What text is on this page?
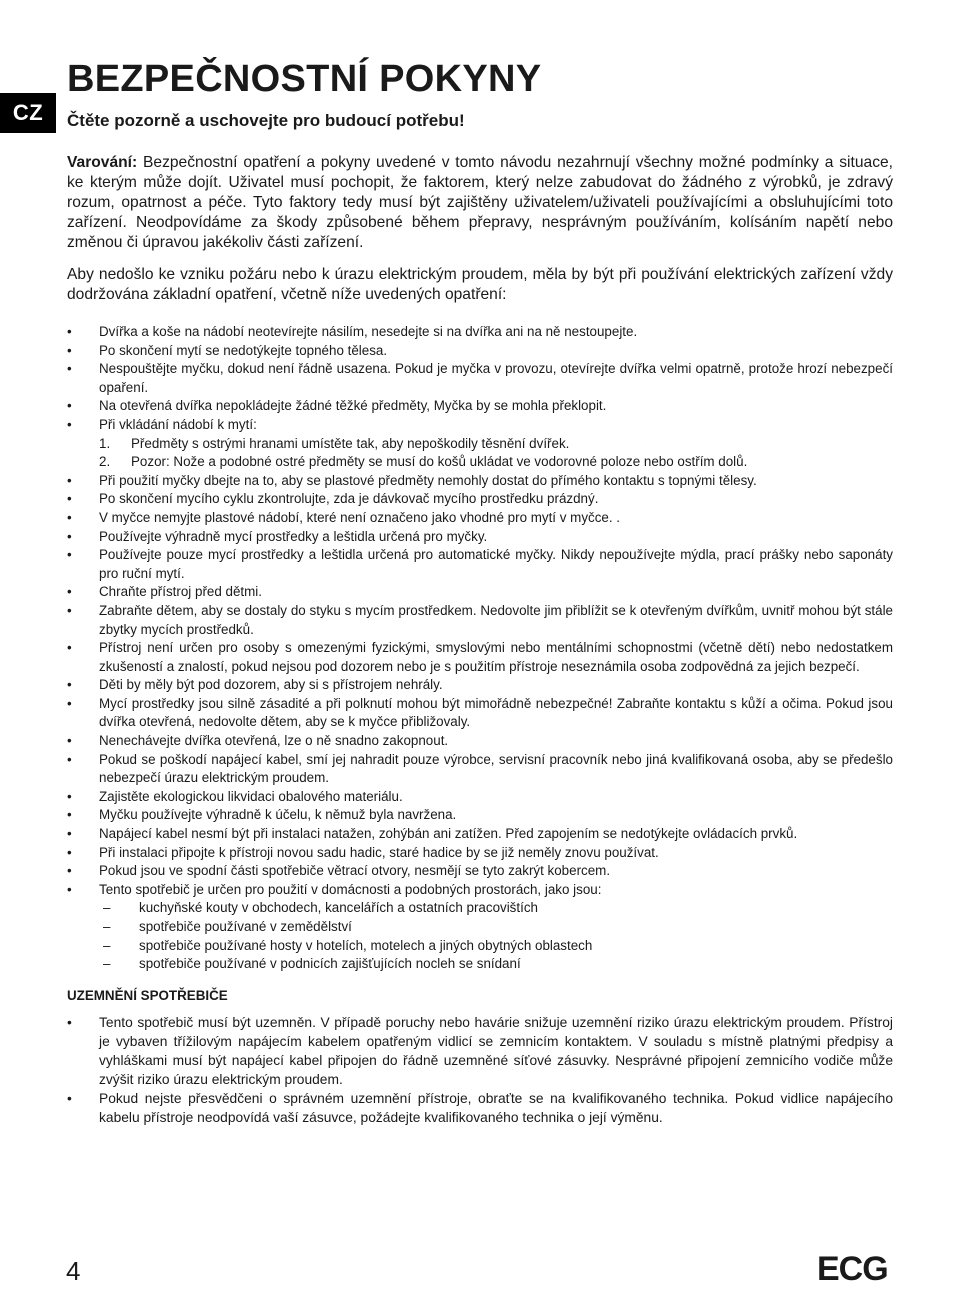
CZ
BEZPEČNOSTNÍ POKYNY

Čtěte pozorně a uschovejte pro budoucí potřebu!

Varování: Bezpečnostní opatření a pokyny uvedené v tomto návodu nezahrnují všechny možné podmínky a situace, ke kterým může dojít. Uživatel musí pochopit, že faktorem, který nelze zabudovat do žádného z výrobků, je zdravý rozum, opatrnost a péče. Tyto faktory tedy musí být zajištěny uživatelem/uživateli používajícími a obsluhujícími toto zařízení. Neodpovídáme za škody způsobené během přepravy, nesprávným používáním, kolísáním napětí nebo změnou či úpravou jakékoliv části zařízení.

Aby nedošlo ke vzniku požáru nebo k úrazu elektrickým proudem, měla by být při používání elektrických zařízení vždy dodržována základní opatření, včetně níže uvedených opatření:

• Dvířka a koše na nádobí neotevírejte násilím, nesedejte si na dvířka ani na ně nestoupejte.
• Po skončení mytí se nedotýkejte topného tělesa.
• Nespouštějte myčku, dokud není řádně usazena. Pokud je myčka v provozu, otevírejte dvířka velmi opatrně, protože hrozí nebezpečí opaření.
• Na otevřená dvířka nepokládejte žádné těžké předměty, Myčka by se mohla překlopit.
• Při vkládání nádobí k mytí:
1. Předměty s ostrými hranami umístěte tak, aby nepoškodily těsnění dvířek.
2. Pozor: Nože a podobné ostré předměty se musí do košů ukládat ve vodorovné poloze nebo ostřím dolů.
• Při použití myčky dbejte na to, aby se plastové předměty nemohly dostat do přímého kontaktu s topnými tělesy.
• Po skončení mycího cyklu zkontrolujte, zda je dávkovač mycího prostředku prázdný.
• V myčce nemyjte plastové nádobí, které není označeno jako vhodné pro mytí v myčce. .
• Používejte výhradně mycí prostředky a leštidla určená pro myčky.
• Používejte pouze mycí prostředky a leštidla určená pro automatické myčky. Nikdy nepoužívejte mýdla, prací prášky nebo saponáty pro ruční mytí.
• Chraňte přístroj před dětmi.
• Zabraňte dětem, aby se dostaly do styku s mycím prostředkem. Nedovolte jim přiblížit se k otevřeným dvířkům, uvnitř mohou být stále zbytky mycích prostředků.
• Přístroj není určen pro osoby s omezenými fyzickými, smyslovými nebo mentálními schopnostmi (včetně dětí) nebo nedostatkem zkušeností a znalostí, pokud nejsou pod dozorem nebo je s použitím přístroje neseznámila osoba zodpovědná za jejich bezpečí.
• Děti by měly být pod dozorem, aby si s přístrojem nehrály.
• Mycí prostředky jsou silně zásadité a při polknutí mohou být mimořádně nebezpečné! Zabraňte kontaktu s kůží a očima. Pokud jsou dvířka otevřená, nedovolte dětem, aby se k myčce přibližovaly.
• Nenechávejte dvířka otevřená, lze o ně snadno zakopnout.
• Pokud se poškodí napájecí kabel, smí jej nahradit pouze výrobce, servisní pracovník nebo jiná kvalifikovaná osoba, aby se předešlo nebezpečí úrazu elektrickým proudem.
• Zajistěte ekologickou likvidaci obalového materiálu.
• Myčku používejte výhradně k účelu, k němuž byla navržena.
• Napájecí kabel nesmí být při instalaci natažen, zohýbán ani zatížen. Před zapojením se nedotýkejte ovládacích prvků.
• Při instalaci připojte k přístroji novou sadu hadic, staré hadice by se již neměly znovu používat.
• Pokud jsou ve spodní části spotřebiče větrací otvory, nesmějí se tyto zakrýt kobercem.
• Tento spotřebič je určen pro použití v domácnosti a podobných prostorách, jako jsou:
– kuchyňské kouty v obchodech, kancelářích a ostatních pracovištích
– spotřebiče používané v zemědělství
– spotřebiče používané hosty v hotelích, motelech a jiných obytných oblastech
– spotřebiče používané v podnicích zajišťujících nocleh se snídaní
UZEMNĚNÍ SPOTŘEBIČE
• Tento spotřebič musí být uzemněn. V případě poruchy nebo havárie snižuje uzemnění riziko úrazu elektrickým proudem. Přístroj je vybaven třížilovým napájecím kabelem opatřeným vidlicí se zemnicím kontaktem. V souladu s místně platnými předpisy a vyhláškami musí být napájecí kabel připojen do řádně uzemněné síťové zásuvky. Nesprávné připojení zemnicího vodiče může zvýšit riziko úrazu elektrickým proudem.
• Pokud nejste přesvědčeni o správném uzemnění přístroje, obraťte se na kvalifikovaného technika. Pokud vidlice napájecího kabelu přístroje neodpovídá vaší zásuvce, požádejte kvalifikovaného technika o její výměnu.
4	ECG
